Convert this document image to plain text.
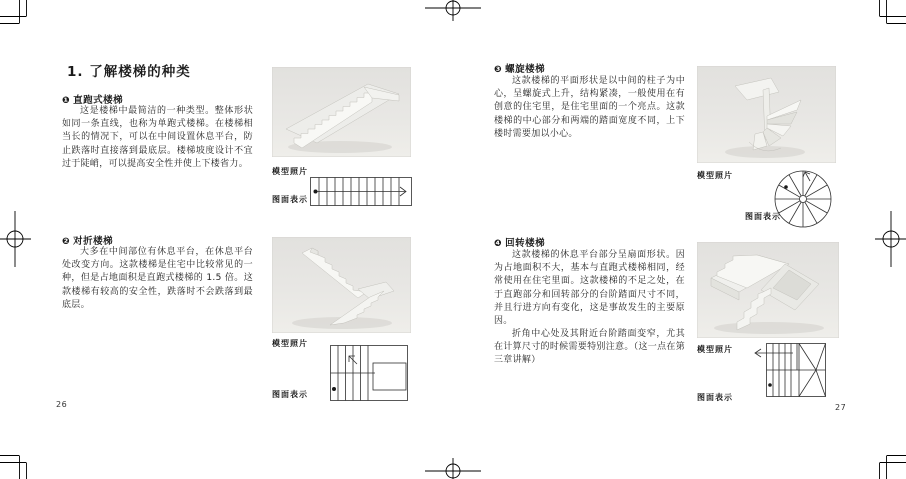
1. 了解楼梯的种类
❶ 直跑式楼梯

这是楼梯中最简洁的一种类型。整体形状如同一条直线，也称为单跑式楼梯。在楼梯相当长的情况下，可以在中间设置休息平台，防止跌落时直接落到最底层。楼梯坡度设计不宜过于陡峭，可以提高安全性并使上下楼省力。

❷ 对折楼梯

大多在中间部位有休息平台，在休息平台处改变方向。这款楼梯是住宅中比较常见的一种，但是占地面积是直跑式楼梯的 1.5 倍。这款楼梯有较高的安全性，跌落时不会跌落到最底层。

模型照片
图面表示
模型照片
图面表示
26
❸ 螺旋楼梯

这款楼梯的平面形状是以中间的柱子为中心，呈螺旋式上升，结构紧凑，一般使用在有创意的住宅里，是住宅里面的一个亮点。这款楼梯的中心部分和两端的踏面宽度不同，上下楼时需要加以小心。

❹ 回转楼梯

这款楼梯的休息平台部分呈扇面形状。因为占地面积不大，基本与直跑式楼梯相同，经常使用在住宅里面。这款楼梯的不足之处，在于直跑部分和回转部分的台阶踏面尺寸不同，并且行进方向有变化，这是事故发生的主要原因。

折角中心处及其附近台阶踏面变窄，尤其在计算尺寸的时候需要特别注意。（这一点在第三章讲解）

模型照片
图面表示
模型照片
图面表示
27
